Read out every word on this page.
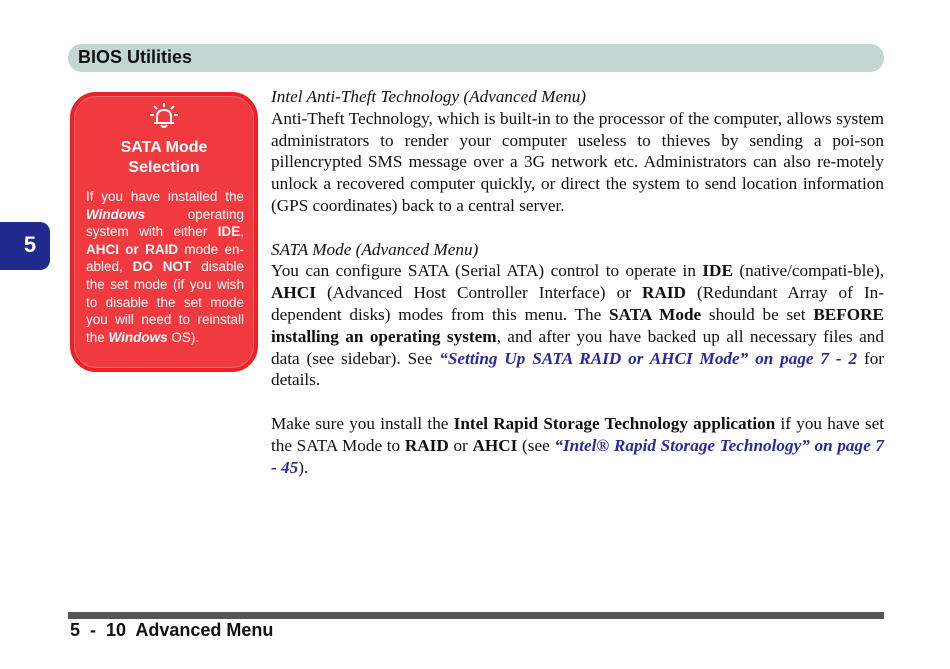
BIOS Utilities
5
SATA Mode
Selection
If you have installed the Windows operating system with either IDE, AHCI or RAID mode en-abled, DO NOT disable the set mode (if you wish to disable the set mode you will need to reinstall the Windows OS).
Intel Anti-Theft Technology (Advanced Menu)

Anti-Theft Technology, which is built-in to the processor of the computer, allows system administrators to render your computer useless to thieves by sending a poi-son pillencrypted SMS message over a 3G network etc. Administrators can also re-motely unlock a recovered computer quickly, or direct the system to send location information (GPS coordinates) back to a central server.

SATA Mode (Advanced Menu)

You can configure SATA (Serial ATA) control to operate in IDE (native/compati-ble), AHCI (Advanced Host Controller Interface) or RAID (Redundant Array of In-dependent disks) modes from this menu. The SATA Mode should be set BEFORE installing an operating system, and after you have backed up all necessary files and data (see sidebar). See “Setting Up SATA RAID or AHCI Mode” on page 7 - 2 for details.

Make sure you install the Intel Rapid Storage Technology application if you have set the SATA Mode to RAID or AHCI (see “Intel® Rapid Storage Technology” on page 7 - 45).

5  -  10  Advanced Menu
